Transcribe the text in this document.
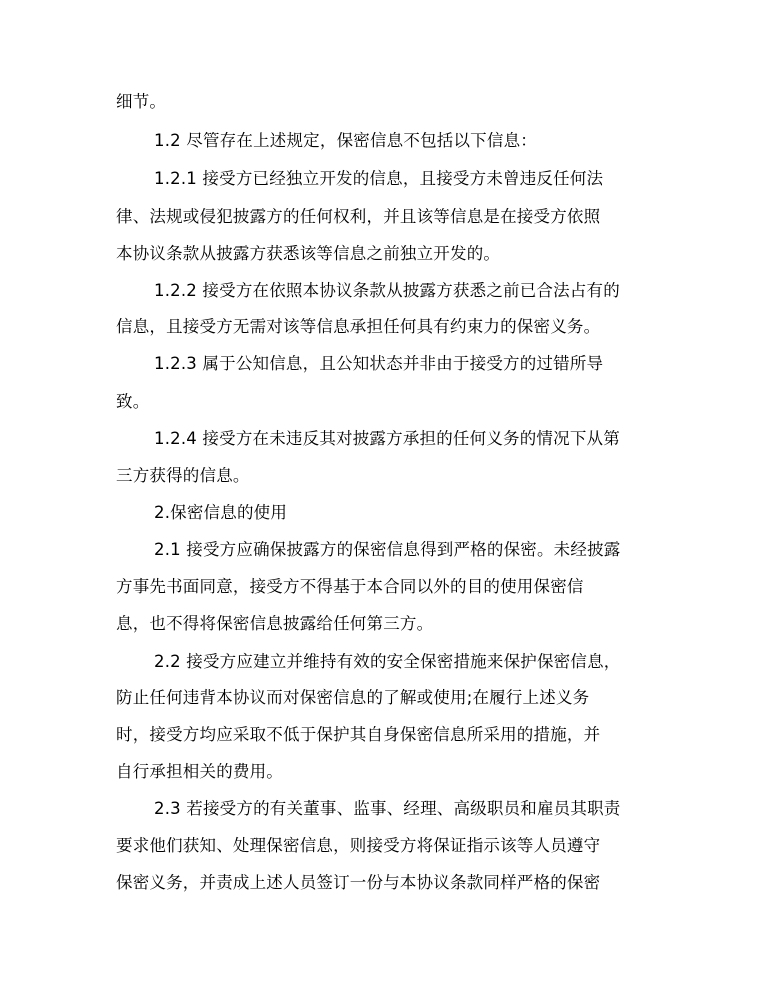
细节。
1.2 尽管存在上述规定，保密信息不包括以下信息：
1.2.1 接受方已经独立开发的信息，且接受方未曾违反任何法
律、法规或侵犯披露方的任何权利，并且该等信息是在接受方依照
本协议条款从披露方获悉该等信息之前独立开发的。
1.2.2 接受方在依照本协议条款从披露方获悉之前已合法占有的
信息，且接受方无需对该等信息承担任何具有约束力的保密义务。
1.2.3 属于公知信息，且公知状态并非由于接受方的过错所导
致。
1.2.4 接受方在未违反其对披露方承担的任何义务的情况下从第
三方获得的信息。
2.保密信息的使用
2.1 接受方应确保披露方的保密信息得到严格的保密。未经披露
方事先书面同意，接受方不得基于本合同以外的目的使用保密信
息，也不得将保密信息披露给任何第三方。
2.2 接受方应建立并维持有效的安全保密措施来保护保密信息，
防止任何违背本协议而对保密信息的了解或使用;在履行上述义务
时，接受方均应采取不低于保护其自身保密信息所采用的措施，并
自行承担相关的费用。
2.3 若接受方的有关董事、监事、经理、高级职员和雇员其职责
要求他们获知、处理保密信息，则接受方将保证指示该等人员遵守
保密义务，并责成上述人员签订一份与本协议条款同样严格的保密
